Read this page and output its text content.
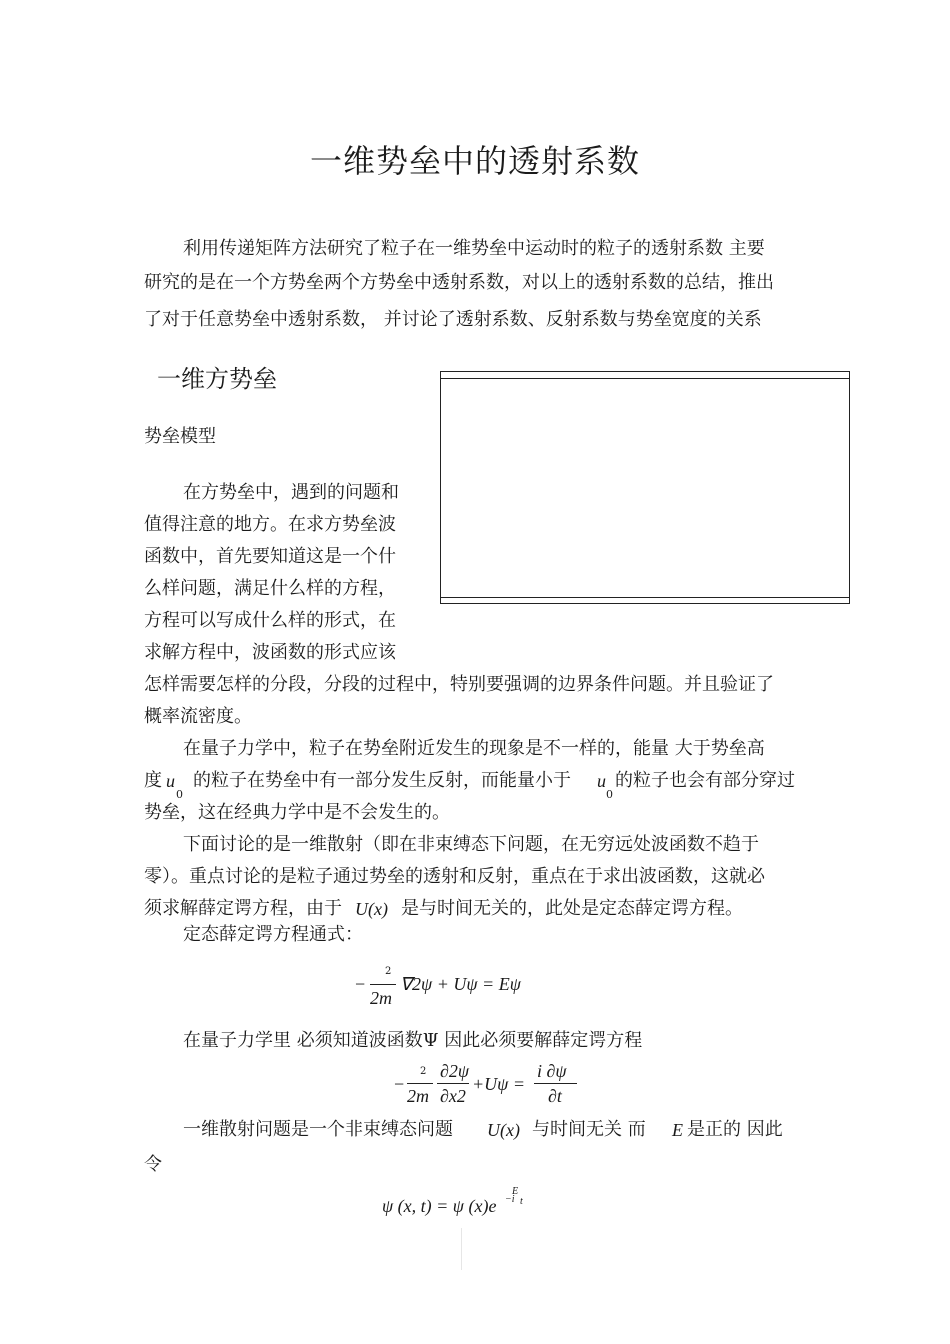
一维势垒中的透射系数
利用传递矩阵方法研究了粒子在一维势垒中运动时的粒子的透射系数 主要
研究的是在一个方势垒两个方势垒中透射系数，对以上的透射系数的总结，推出
了对于任意势垒中透射系数， 并讨论了透射系数、反射系数与势垒宽度的关系
一维方势垒
势垒模型
在方势垒中，遇到的问题和
值得注意的地方。在求方势垒波
函数中，首先要知道这是一个什
么样问题，满足什么样的方程，
方程可以写成什么样的形式，在
求解方程中，波函数的形式应该
怎样需要怎样的分段，分段的过程中，特别要强调的边界条件问题。并且验证了
概率流密度。
在量子力学中，粒子在势垒附近发生的现象是不一样的，能量 大于势垒高
度 u
0
的粒子在势垒中有一部分发生反射，而能量小于 u
0
的粒子也会有部分穿过
势垒，这在经典力学中是不会发生的。
下面讨论的是一维散射（即在非束缚态下问题，在无穷远处波函数不趋于
零）。重点讨论的是粒子通过势垒的透射和反射，重点在于求出波函数，这就必
须求解薛定谔方程，由于 U(x) 是与时间无关的，此处是定态薛定谔方程。
定态薛定谔方程通式：
−
2
2m
∇2ψ + Uψ = Eψ
在量子力学里 必须知道波函数Ψ 因此必须要解薛定谔方程
−
2
2m
∂2ψ
∂x2
+Uψ =
i ∂ψ
∂t
一维散射问题是一个非束缚态问题 U(x) 与时间无关 而 E 是正的 因此
令
ψ (x, t) = ψ (x)e −i
E
t
